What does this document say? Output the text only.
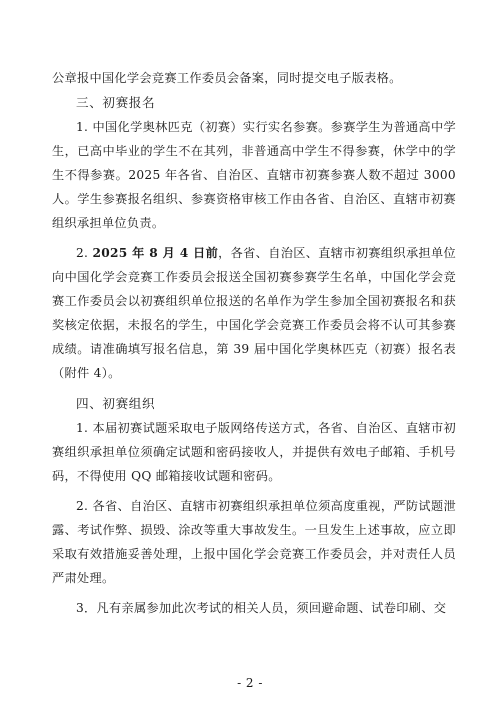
公章报中国化学会竞赛工作委员会备案，同时提交电子版表格。

三、初赛报名

1. 中国化学奥林匹克（初赛）实行实名参赛。参赛学生为普通高中学生，已高中毕业的学生不在其列，非普通高中学生不得参赛，休学中的学生不得参赛。2025 年各省、自治区、直辖市初赛参赛人数不超过 3000 人。学生参赛报名组织、参赛资格审核工作由各省、自治区、直辖市初赛组织承担单位负责。

2. 2025 年 8 月 4 日前，各省、自治区、直辖市初赛组织承担单位向中国化学会竞赛工作委员会报送全国初赛参赛学生名单，中国化学会竞赛工作委员会以初赛组织单位报送的名单作为学生参加全国初赛报名和获奖核定依据，未报名的学生，中国化学会竞赛工作委员会将不认可其参赛成绩。请准确填写报名信息，第 39 届中国化学奥林匹克（初赛）报名表（附件 4）。

四、初赛组织

1. 本届初赛试题采取电子版网络传送方式，各省、自治区、直辖市初赛组织承担单位须确定试题和密码接收人，并提供有效电子邮箱、手机号码，不得使用 QQ 邮箱接收试题和密码。

2. 各省、自治区、直辖市初赛组织承担单位须高度重视，严防试题泄露、考试作弊、损毁、涂改等重大事故发生。一旦发生上述事故，应立即采取有效措施妥善处理，上报中国化学会竞赛工作委员会，并对责任人员严肃处理。

3．凡有亲属参加此次考试的相关人员，须回避命题、试卷印刷、交

- 2 -
